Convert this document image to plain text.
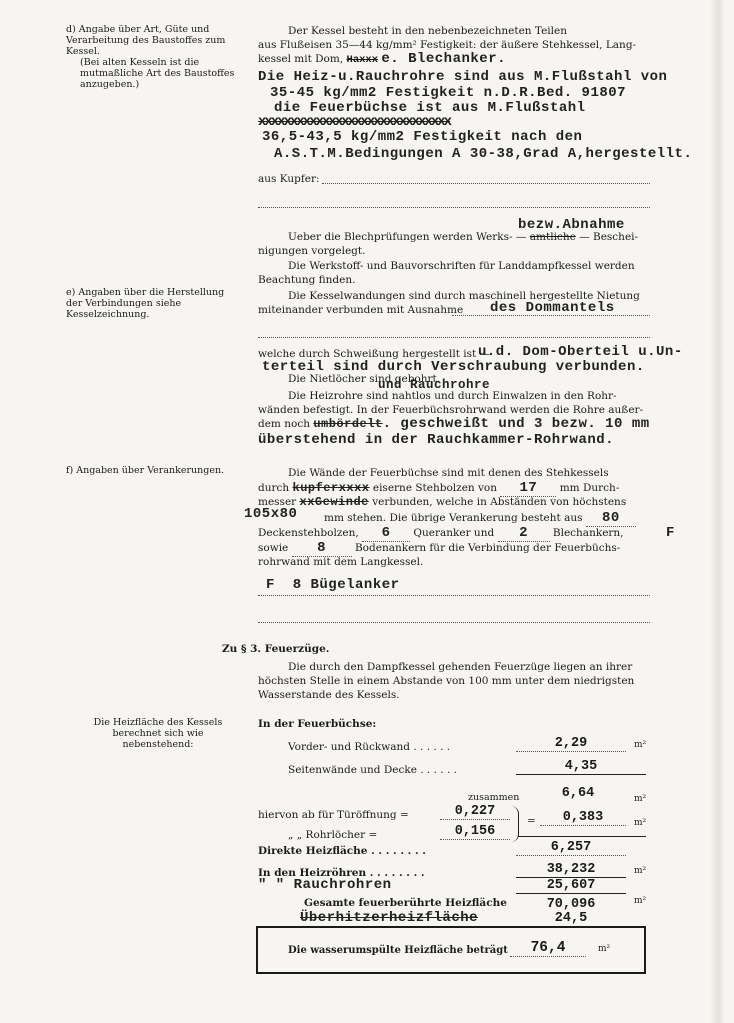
d) Angabe über Art, Güte und Verarbeitung des Baustoffes zum Kessel.
(Bei alten Kesseln ist die mutmaßliche Art des Baustoffes anzugeben.)
e) Angaben über die Herstellung der Verbindungen siehe Kesselzeichnung.
f) Angaben über Verankerungen.
Die Heizfläche des Kessels berechnet sich wie nebenstehend:
Der Kessel besteht in den nebenbezeichneten Teilen
aus Flußeisen 35—44 kg/mm² Festigkeit: der äußere Stehkessel, Lang-
kessel mit Dom, Haxxx e. Blechanker.
Die Heiz-u.Rauchrohre sind aus M.Flußstahl von
35-45 kg/mm2 Festigkeit n.D.R.Bed. 91807
die Feuerbüchse ist aus M.Flußstahl
xxxxxxxxxxxxxxxxxxxxxxxxxxxxxx
36,5-43,5 kg/mm2 Festigkeit nach den
A.S.T.M.Bedingungen A 30-38,Grad A,hergestellt.
aus Kupfer:
bezw.Abnahme
Ueber die Blechprüfungen werden Werks- — amtliche — Beschei-
nigungen vorgelegt.
Die Werkstoff- und Bauvorschriften für Landdampfkessel werden
Beachtung finden.
Die Kesselwandungen sind durch maschinell hergestellte Nietung
miteinander verbunden mit Ausnahme des Dommantels
welche durch Schweißung hergestellt ist —
u.d. Dom-Oberteil u.Un-
terteil sind durch Verschraubung verbunden.
Die Nietlöcher sind gebohrt.
und Rauchrohre
Die Heizrohre sind nahtlos und durch Einwalzen in den Rohr-
wänden befestigt. In der Feuerbüchsrohrwand werden die Rohre außer-
dem noch umbördelt. geschweißt und 3 bezw. 10 mm
überstehend in der Rauchkammer-Rohrwand.
Die Wände der Feuerbüchse sind mit denen des Stehkessels
durch kupferxxxx eiserne Stehbolzen von 17 mm Durch-
messer xxGewinde verbunden, welche in Abständen von höchstens
105x80	mm stehen. Die übrige Verankerung besteht aus 80
Deckenstehbolzen, 6 Queranker und 2 Blechankern,	F
sowie 8	Bodenankern für die Verbindung der Feuerbüchs-
rohrwand mit dem Langkessel.
F  8 Bügelanker
Zu § 3. Feuerzüge.
Die durch den Dampfkessel gehenden Feuerzüge liegen an ihrer
höchsten Stelle in einem Abstande von 100 mm unter dem niedrigsten
Wasserstande des Kessels.
In der Feuerbüchse:
Vorder- und Rückwand . . . . . .	2,29	m²
Seitenwände und Decke . . . . . .	4,35
zusammen	6,64	m²
hiervon ab für Türöffnung =	0,227
„ „ Rohrlöcher =	0,156
=	0,383	m²
Direkte Heizfläche . . . . . . . .	6,257
In den Heizröhren . . . . . . . .	38,232	m²
" " Rauchrohren	25,607
Gesamte feuerberührte Heizfläche	70,096	m²
Überhitzerheizfläche	24,5
Die wasserumspülte Heizfläche beträgt	76,4	m²
